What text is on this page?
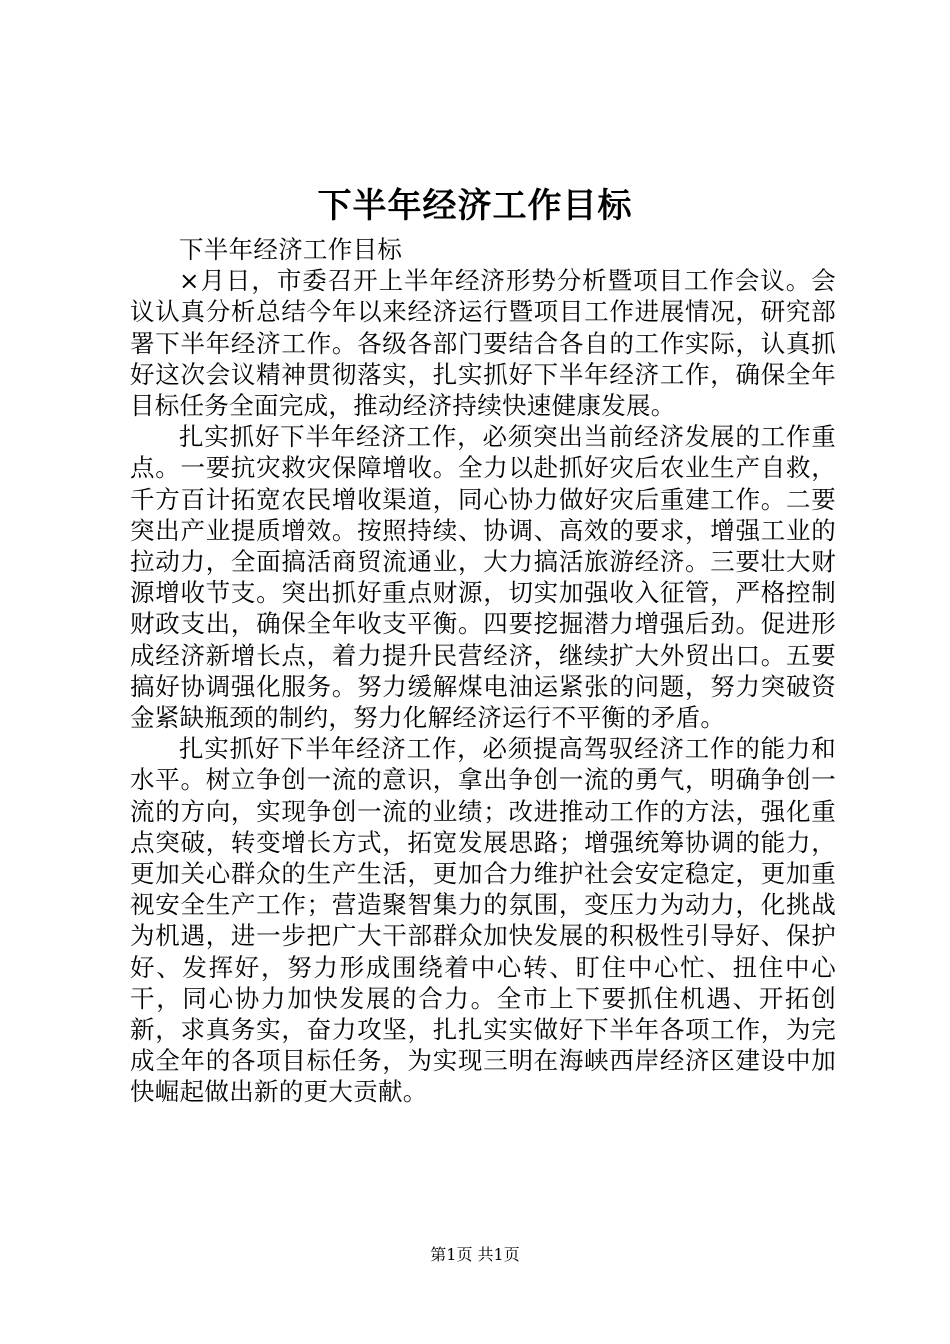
下半年经济工作目标

下半年经济工作目标

×月日，市委召开上半年经济形势分析暨项目工作会议。会议认真分析总结今年以来经济运行暨项目工作进展情况，研究部署下半年经济工作。各级各部门要结合各自的工作实际，认真抓好这次会议精神贯彻落实，扎实抓好下半年经济工作，确保全年目标任务全面完成，推动经济持续快速健康发展。

扎实抓好下半年经济工作，必须突出当前经济发展的工作重点。一要抗灾救灾保障增收。全力以赴抓好灾后农业生产自救，千方百计拓宽农民增收渠道，同心协力做好灾后重建工作。二要突出产业提质增效。按照持续、协调、高效的要求，增强工业的拉动力，全面搞活商贸流通业，大力搞活旅游经济。三要壮大财源增收节支。突出抓好重点财源，切实加强收入征管，严格控制财政支出，确保全年收支平衡。四要挖掘潜力增强后劲。促进形成经济新增长点，着力提升民营经济，继续扩大外贸出口。五要搞好协调强化服务。努力缓解煤电油运紧张的问题，努力突破资金紧缺瓶颈的制约，努力化解经济运行不平衡的矛盾。

扎实抓好下半年经济工作，必须提高驾驭经济工作的能力和水平。树立争创一流的意识，拿出争创一流的勇气，明确争创一流的方向，实现争创一流的业绩；改进推动工作的方法，强化重点突破，转变增长方式，拓宽发展思路；增强统筹协调的能力，更加关心群众的生产生活，更加合力维护社会安定稳定，更加重视安全生产工作；营造聚智集力的氛围，变压力为动力，化挑战为机遇，进一步把广大干部群众加快发展的积极性引导好、保护好、发挥好，努力形成围绕着中心转、盯住中心忙、扭住中心干，同心协力加快发展的合力。全市上下要抓住机遇、开拓创新，求真务实，奋力攻坚，扎扎实实做好下半年各项工作，为完成全年的各项目标任务，为实现三明在海峡西岸经济区建设中加快崛起做出新的更大贡献。

第1页 共1页
